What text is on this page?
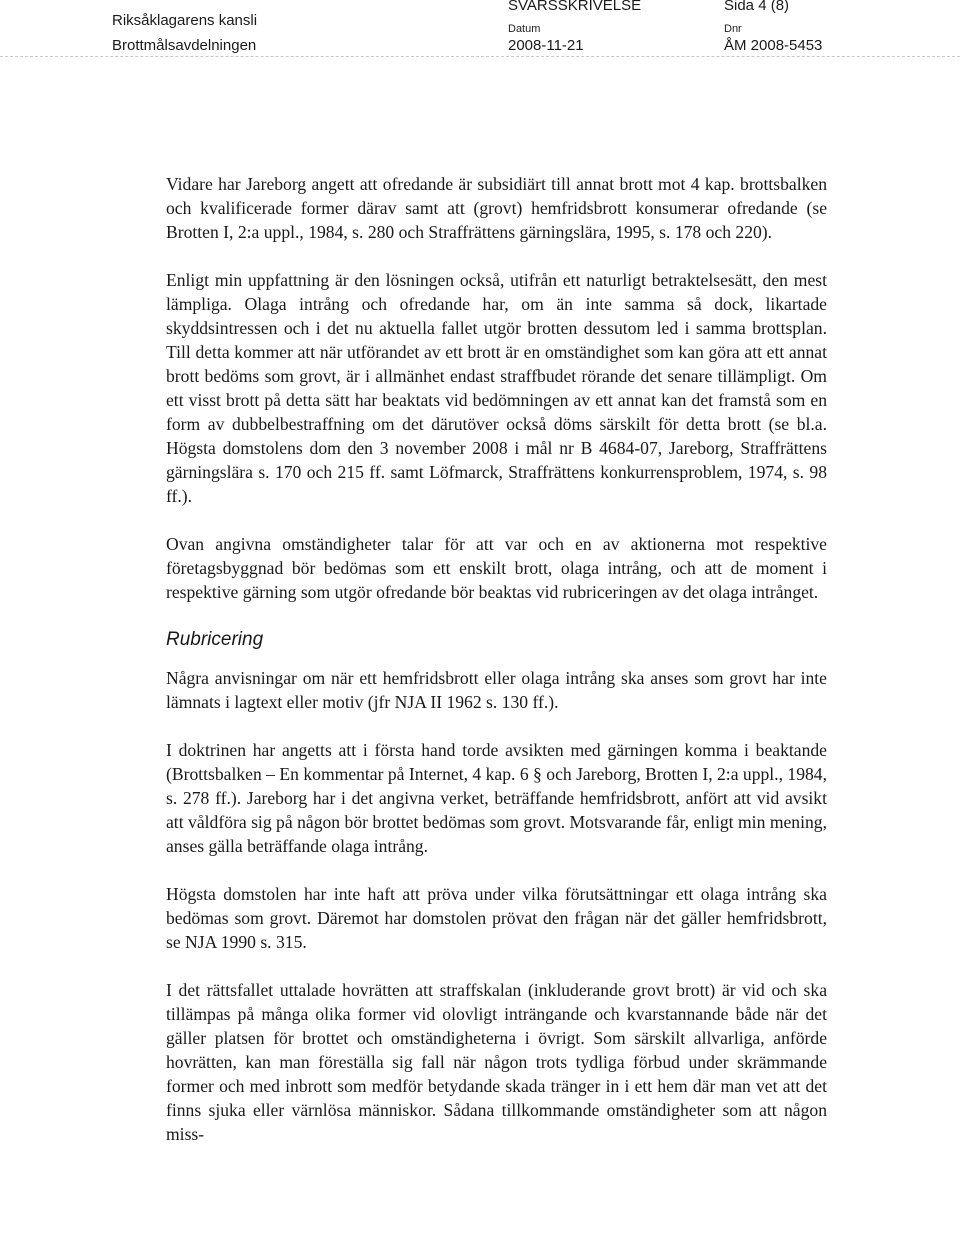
Riksåklagarens kansli
Brottmålsavdelningen
SVARSSKRIVELSE	Sida 4 (8)
Datum
2008-11-21
Dnr
ÅM 2008-5453

Vidare har Jareborg angett att ofredande är subsidiärt till annat brott mot 4 kap. brottsbalken och kvalificerade former därav samt att (grovt) hemfridsbrott konsumerar ofredande (se Brotten I, 2:a uppl., 1984, s. 280 och Straffrättens gärningslära, 1995, s. 178 och 220).

Enligt min uppfattning är den lösningen också, utifrån ett naturligt betraktelsesätt, den mest lämpliga. Olaga intrång och ofredande har, om än inte samma så dock, likartade skyddsintressen och i det nu aktuella fallet utgör brotten dessutom led i samma brottsplan. Till detta kommer att när utförandet av ett brott är en omständighet som kan göra att ett annat brott bedöms som grovt, är i allmänhet endast straffbudet rörande det senare tillämpligt. Om ett visst brott på detta sätt har beaktats vid bedömningen av ett annat kan det framstå som en form av dubbelbestraffning om det därutöver också döms särskilt för detta brott (se bl.a. Högsta domstolens dom den 3 november 2008 i mål nr B 4684-07, Jareborg, Straffrättens gärningslära s. 170 och 215 ff. samt Löfmarck, Straffrättens konkurrensproblem, 1974, s. 98 ff.).

Ovan angivna omständigheter talar för att var och en av aktionerna mot respektive företagsbyggnad bör bedömas som ett enskilt brott, olaga intrång, och att de moment i respektive gärning som utgör ofredande bör beaktas vid rubriceringen av det olaga intrånget.

Rubricering

Några anvisningar om när ett hemfridsbrott eller olaga intrång ska anses som grovt har inte lämnats i lagtext eller motiv (jfr NJA II 1962 s. 130 ff.).

I doktrinen har angetts att i första hand torde avsikten med gärningen komma i beaktande (Brottsbalken – En kommentar på Internet, 4 kap. 6 § och Jareborg, Brotten I, 2:a uppl., 1984, s. 278 ff.). Jareborg har i det angivna verket, beträffande hemfridsbrott, anfört att vid avsikt att våldföra sig på någon bör brottet bedömas som grovt. Motsvarande får, enligt min mening, anses gälla beträffande olaga intrång.

Högsta domstolen har inte haft att pröva under vilka förutsättningar ett olaga intrång ska bedömas som grovt. Däremot har domstolen prövat den frågan när det gäller hemfridsbrott, se NJA 1990 s. 315.

I det rättsfallet uttalade hovrätten att straffskalan (inkluderande grovt brott) är vid och ska tillämpas på många olika former vid olovligt inträngande och kvarstannande både när det gäller platsen för brottet och omständigheterna i övrigt. Som särskilt allvarliga, anförde hovrätten, kan man föreställa sig fall när någon trots tydliga förbud under skrämmande former och med inbrott som medför betydande skada tränger in i ett hem där man vet att det finns sjuka eller värnlösa människor. Sådana tillkommande omständigheter som att någon miss-
